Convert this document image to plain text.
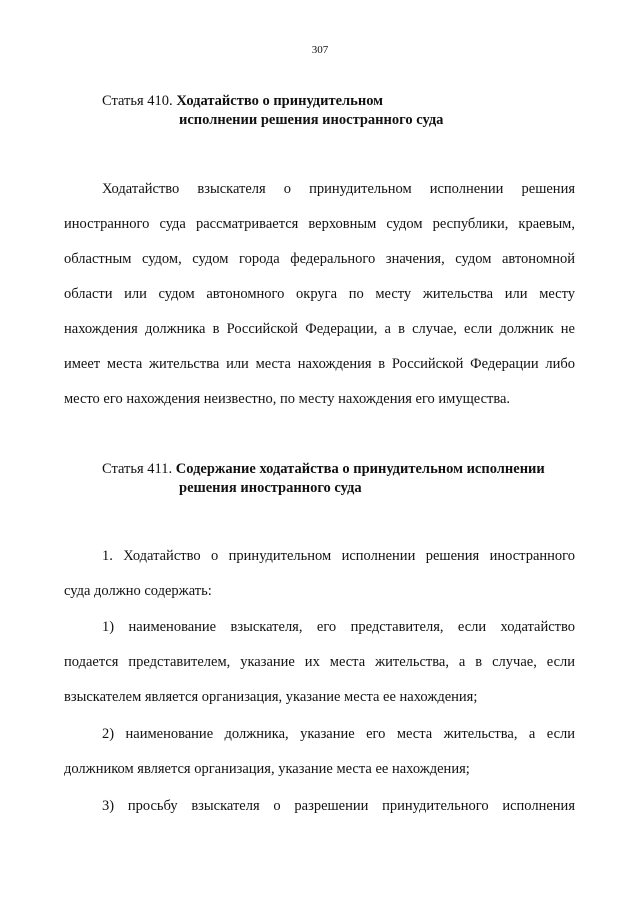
307
Статья 410. Ходатайство о принудительном
исполнении решения иностранного суда
Ходатайство взыскателя о принудительном исполнении решения
иностранного суда рассматривается верховным судом республики, краевым,
областным судом, судом города федерального значения, судом автономной
области или судом автономного округа по месту жительства или месту
нахождения должника в Российской Федерации, а в случае, если должник не
имеет места жительства или места нахождения в Российской Федерации либо
место его нахождения неизвестно, по месту нахождения его имущества.
Статья 411. Содержание ходатайства о принудительном исполнении
решения иностранного суда
1. Ходатайство о принудительном исполнении решения иностранного
суда должно содержать:
1) наименование взыскателя, его представителя, если ходатайство
подается представителем, указание их места жительства, а в случае, если
взыскателем является организация, указание места ее нахождения;
2) наименование должника, указание его места жительства, а если
должником является организация, указание места ее нахождения;
3) просьбу взыскателя о разрешении принудительного исполнения
